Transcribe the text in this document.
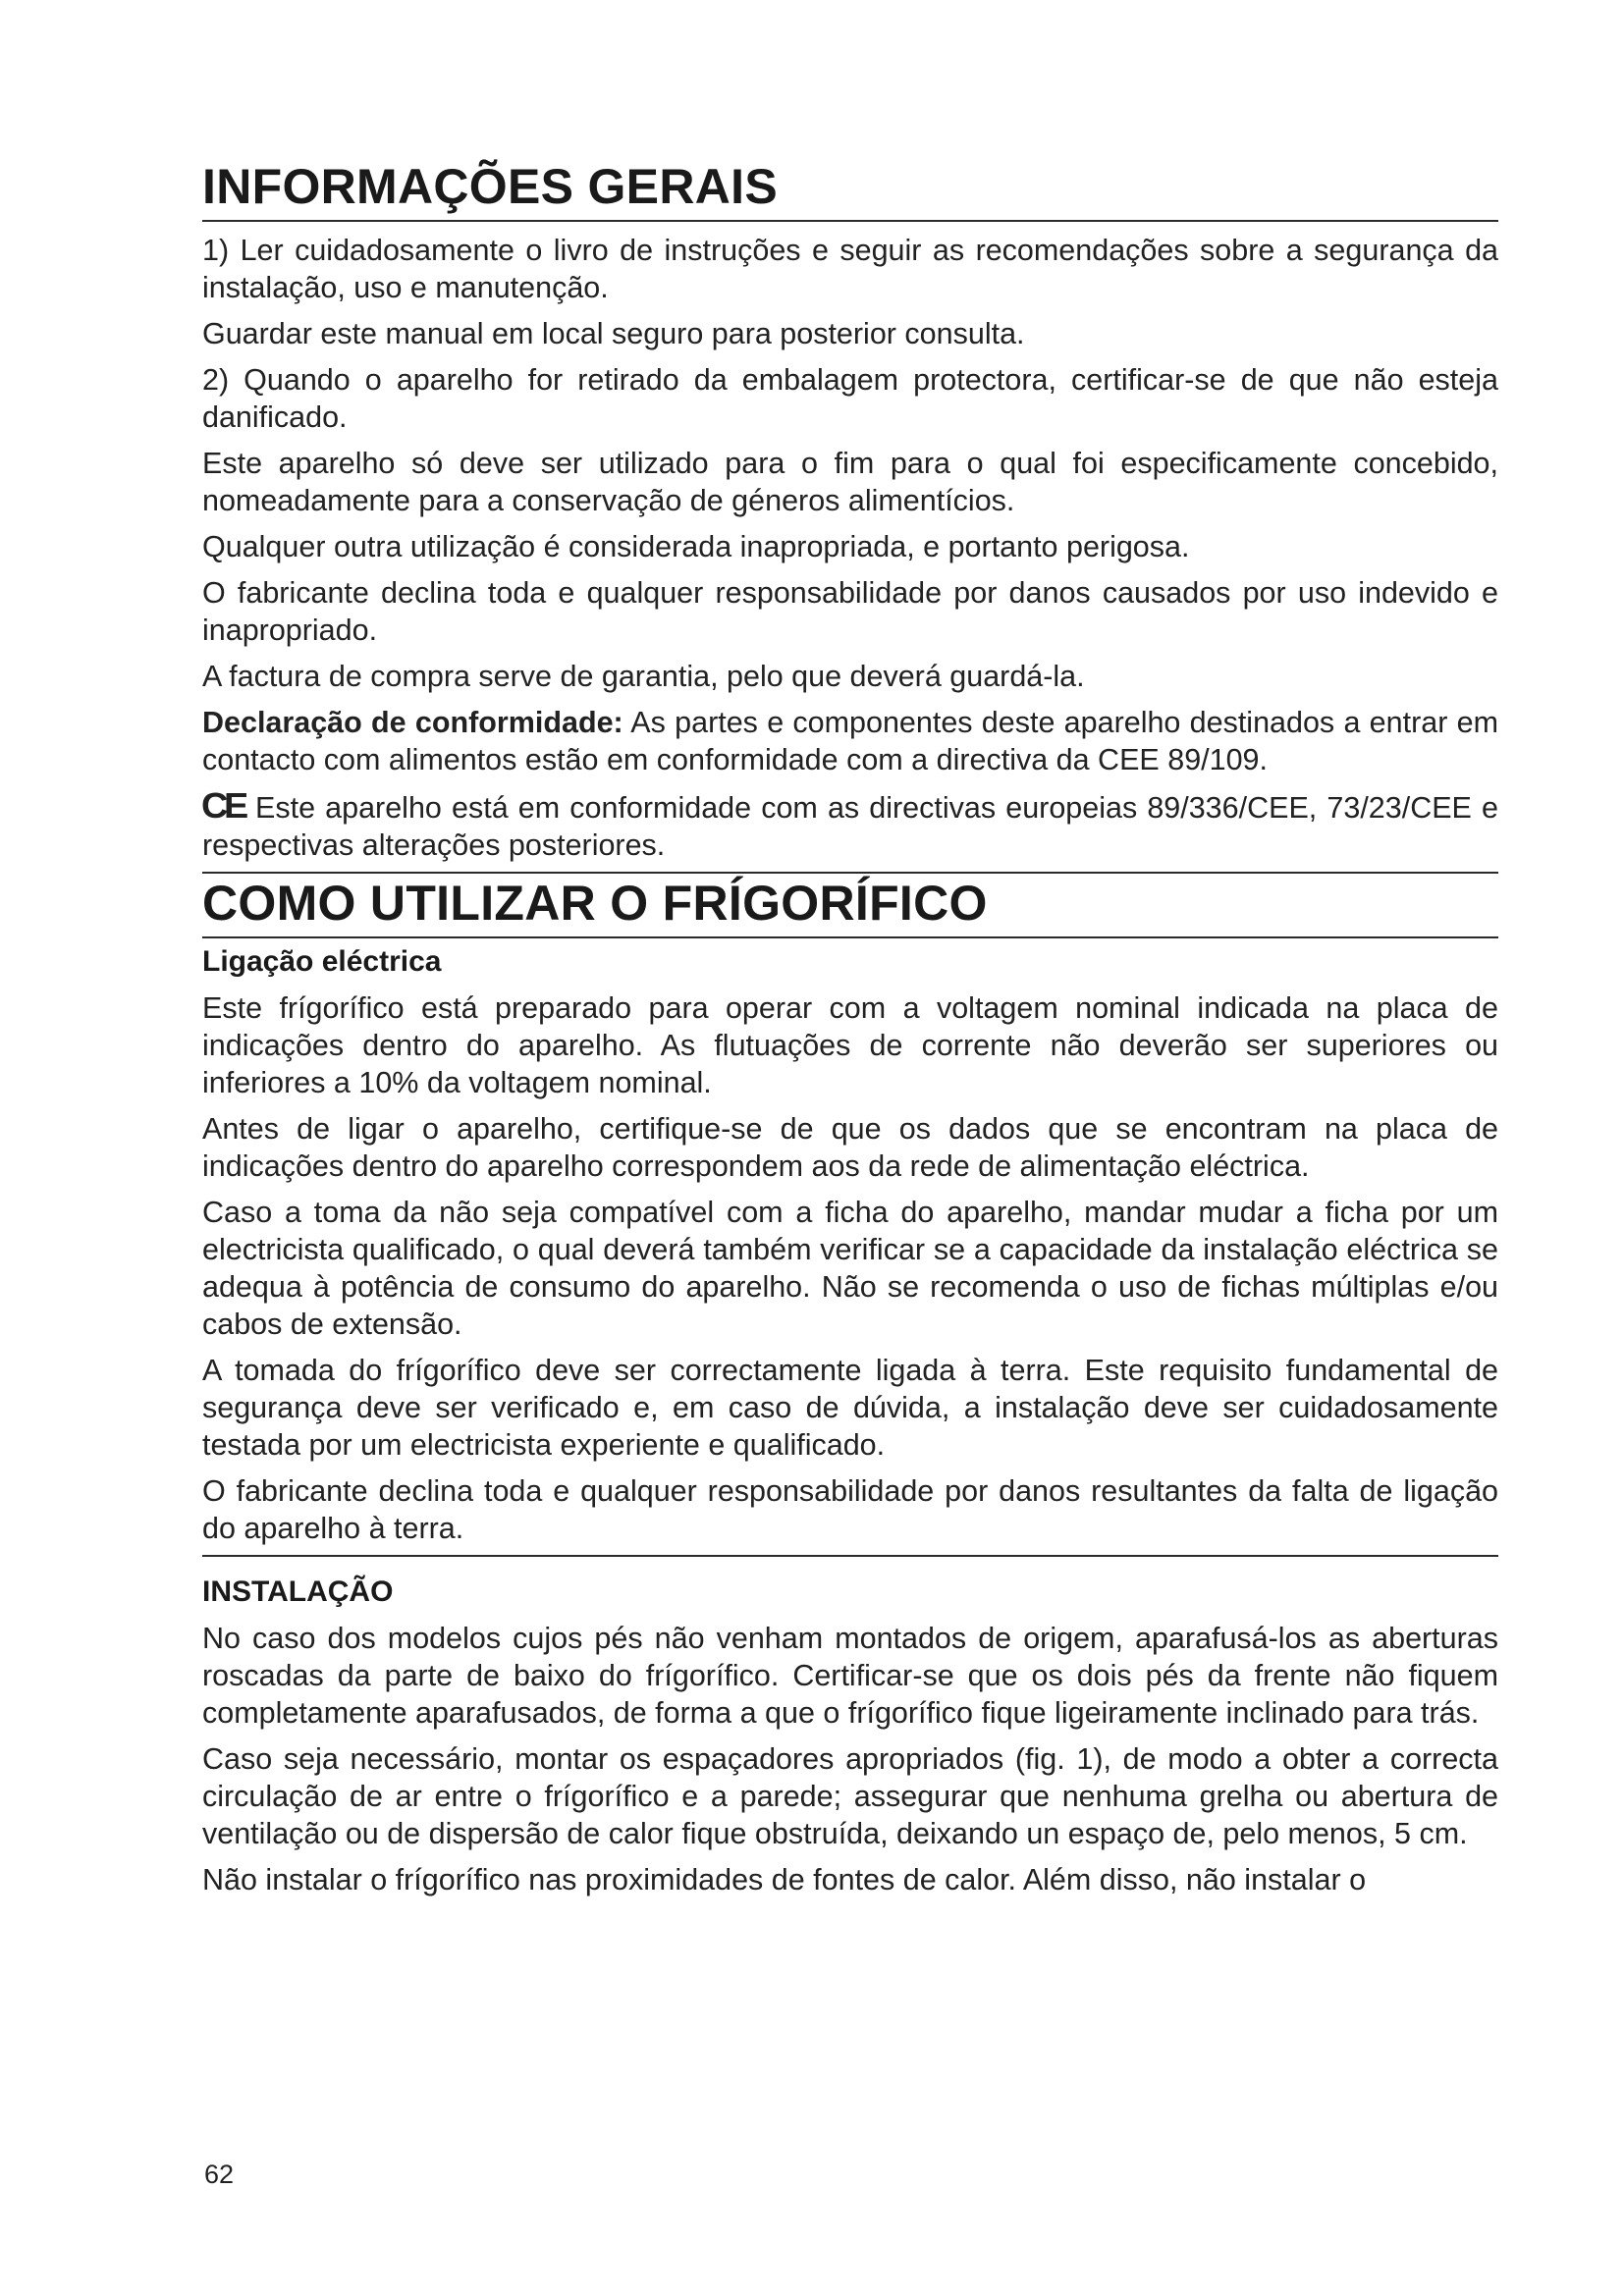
INFORMAÇÕES GERAIS

1) Ler cuidadosamente o livro de instruções e seguir as recomendações sobre a segurança da instalação, uso e manutenção.

Guardar este manual em local seguro para posterior consulta.

2) Quando o aparelho for retirado da embalagem protectora, certificar-se de que não esteja danificado.

Este aparelho só deve ser utilizado para o fim para o qual foi especificamente concebido, nomeadamente para a conservação de géneros alimentícios.

Qualquer outra utilização é considerada inapropriada, e portanto perigosa.

O fabricante declina toda e qualquer responsabilidade por danos causados por uso indevido e inapropriado.

A factura de compra serve de garantia, pelo que deverá guardá-la.

Declaração de conformidade: As partes e componentes deste aparelho destinados a entrar em contacto com alimentos estão em conformidade com a directiva da CEE 89/109.

CE Este aparelho está em conformidade com as directivas europeias 89/336/CEE, 73/23/CEE e respectivas alterações posteriores.

COMO UTILIZAR O FRÍGORÍFICO
Ligação eléctrica

Este frígorífico está preparado para operar com a voltagem nominal indicada na placa de indicações dentro do aparelho. As flutuações de corrente não deverão ser superiores ou inferiores a 10% da voltagem nominal.

Antes de ligar o aparelho, certifique-se de que os dados que se encontram na placa de indicações dentro do aparelho correspondem aos da rede de alimentação eléctrica.

Caso a toma da não seja compatível com a ficha do aparelho, mandar mudar a ficha por um electricista qualificado, o qual deverá também verificar se a capacidade da instalação eléctrica se adequa à potência de consumo do aparelho. Não se recomenda o uso de fichas múltiplas e/ou cabos de extensão.

A tomada do frígorífico deve ser correctamente ligada à terra. Este requisito fundamental de segurança deve ser verificado e, em caso de dúvida, a instalação deve ser cuidadosamente testada por um electricista experiente e qualificado.

O fabricante declina toda e qualquer responsabilidade por danos resultantes da falta de ligação do aparelho à terra.

INSTALAÇÃO

No caso dos modelos cujos pés não venham montados de origem, aparafusá-los as aberturas roscadas da parte de baixo do frígorífico. Certificar-se que os dois pés da frente não fiquem completamente aparafusados, de forma a que o frígorífico fique ligeiramente inclinado para trás.

Caso seja necessário, montar os espaçadores apropriados (fig. 1), de modo a obter a correcta circulação de ar entre o frígorífico e a parede; assegurar que nenhuma grelha ou abertura de ventilação ou de dispersão de calor fique obstruída, deixando un espaço de, pelo menos, 5 cm.

Não instalar o frígorífico nas proximidades de fontes de calor. Além disso, não instalar o

62
